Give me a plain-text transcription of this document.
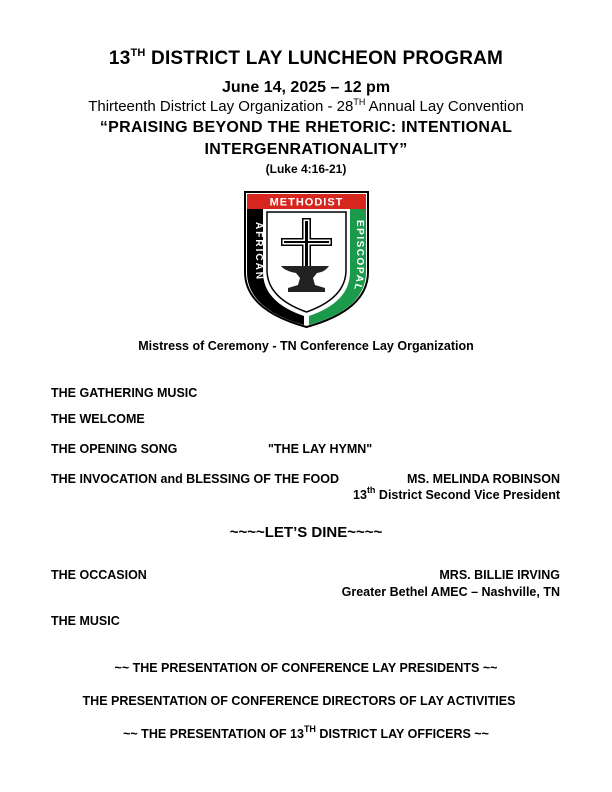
13TH DISTRICT LAY LUNCHEON PROGRAM
June 14, 2025 – 12 pm
Thirteenth District Lay Organization - 28TH Annual Lay Convention
“PRAISING BEYOND THE RHETORIC: INTENTIONAL
INTERGENRATIONALITY”
(Luke 4:16-21)
METHODIST
AFRICAN
EPISCOPAL
Mistress of Ceremony - TN Conference Lay Organization
THE GATHERING MUSIC
THE WELCOME
THE OPENING SONG	"THE LAY HYMN"
THE INVOCATION and BLESSING OF THE FOOD	MS. MELINDA ROBINSON
13th District Second Vice President
~~~~LET’S DINE~~~~
THE OCCASION	MRS. BILLIE IRVING
Greater Bethel AMEC – Nashville, TN
THE MUSIC
~~ THE PRESENTATION OF CONFERENCE LAY PRESIDENTS ~~
THE PRESENTATION OF CONFERENCE DIRECTORS OF LAY ACTIVITIES
~~ THE PRESENTATION OF 13TH DISTRICT LAY OFFICERS ~~
